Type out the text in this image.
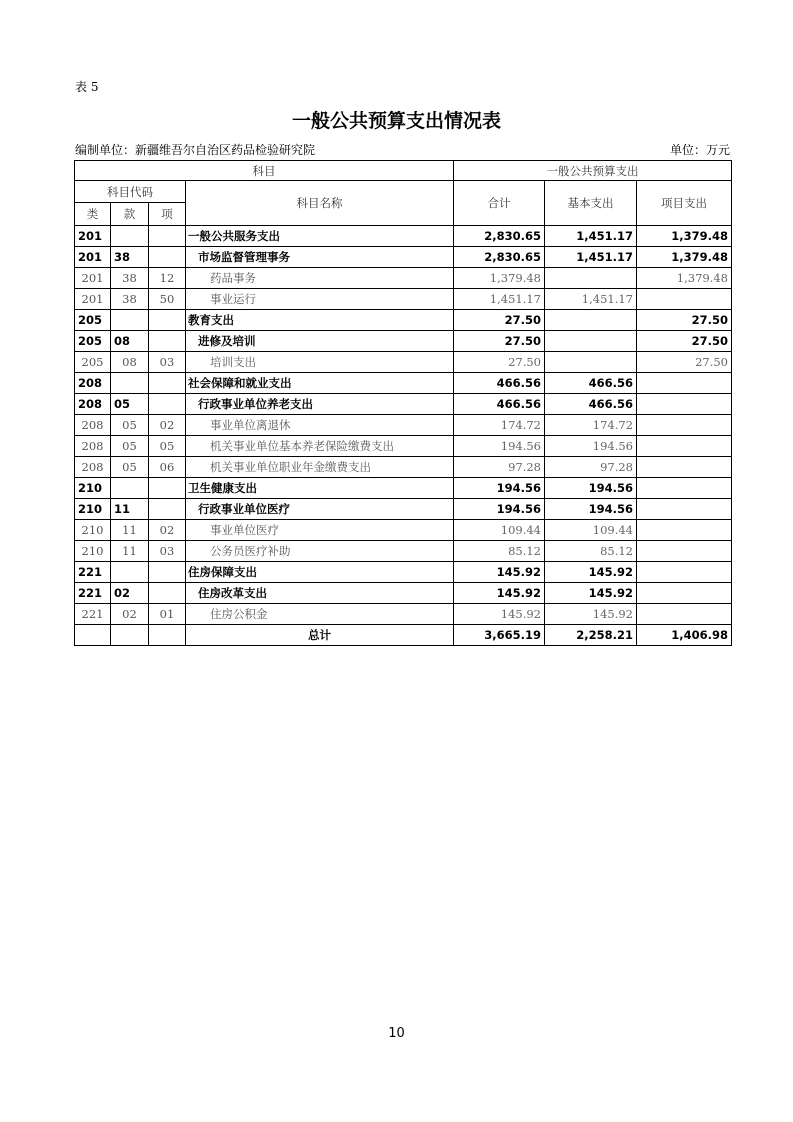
表 5
一般公共预算支出情况表
编制单位：新疆维吾尔自治区药品检验研究院	单位：万元
科目				一般公共预算支出		
科目代码			科目名称	合计	基本支出	项目支出
类	款	项				
201			一般公共服务支出	2,830.65	1,451.17	1,379.48
201	38		市场监督管理事务	2,830.65	1,451.17	1,379.48
201	38	12	药品事务	1,379.48		1,379.48
201	38	50	事业运行	1,451.17	1,451.17	
205			教育支出	27.50		27.50
205	08		进修及培训	27.50		27.50
205	08	03	培训支出	27.50		27.50
208			社会保障和就业支出	466.56	466.56	
208	05		行政事业单位养老支出	466.56	466.56	
208	05	02	事业单位离退休	174.72	174.72	
208	05	05	机关事业单位基本养老保险缴费支出	194.56	194.56	
208	05	06	机关事业单位职业年金缴费支出	97.28	97.28	
210			卫生健康支出	194.56	194.56	
210	11		行政事业单位医疗	194.56	194.56	
210	11	02	事业单位医疗	109.44	109.44	
210	11	03	公务员医疗补助	85.12	85.12	
221			住房保障支出	145.92	145.92	
221	02		住房改革支出	145.92	145.92	
221	02	01	住房公积金	145.92	145.92	
			总计	3,665.19	2,258.21	1,406.98
10
